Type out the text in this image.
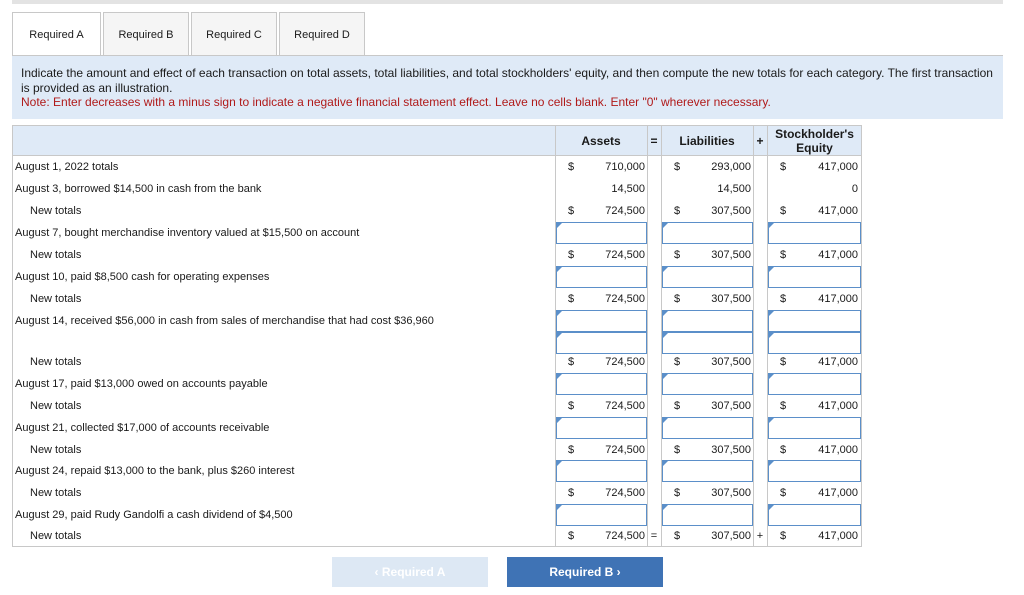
Required A	Required B	Required C	Required D
Indicate the amount and effect of each transaction on total assets, total liabilities, and total stockholders' equity, and then compute the new totals for each category. The first transaction is provided as an illustration.
Note: Enter decreases with a minus sign to indicate a negative financial statement effect. Leave no cells blank. Enter "0" wherever necessary.
Assets	=	Liabilities	+ Stockholder's Equity
August 1, 2022 totals	$	710,000	$	293,000	$	417,000
August 3, borrowed $14,500 in cash from the bank	14,500	14,500	0
New totals	$	724,500	$	307,500	$	417,000
August 7, bought merchandise inventory valued at $15,500 on account
New totals	$	724,500	$	307,500	$	417,000
August 10, paid $8,500 cash for operating expenses
New totals	$	724,500	$	307,500	$	417,000
August 14, received $56,000 in cash from sales of merchandise that had cost $36,960
New totals	$	724,500	$	307,500	$	417,000
August 17, paid $13,000 owed on accounts payable
New totals	$	724,500	$	307,500	$	417,000
August 21, collected $17,000 of accounts receivable
New totals	$	724,500	$	307,500	$	417,000
August 24, repaid $13,000 to the bank, plus $260 interest
New totals	$	724,500	$	307,500	$	417,000
August 29, paid Rudy Gandolfi a cash dividend of $4,500
New totals	$	724,500 =	$	307,500 +	$	417,000
‹ Required A	Required B ›
